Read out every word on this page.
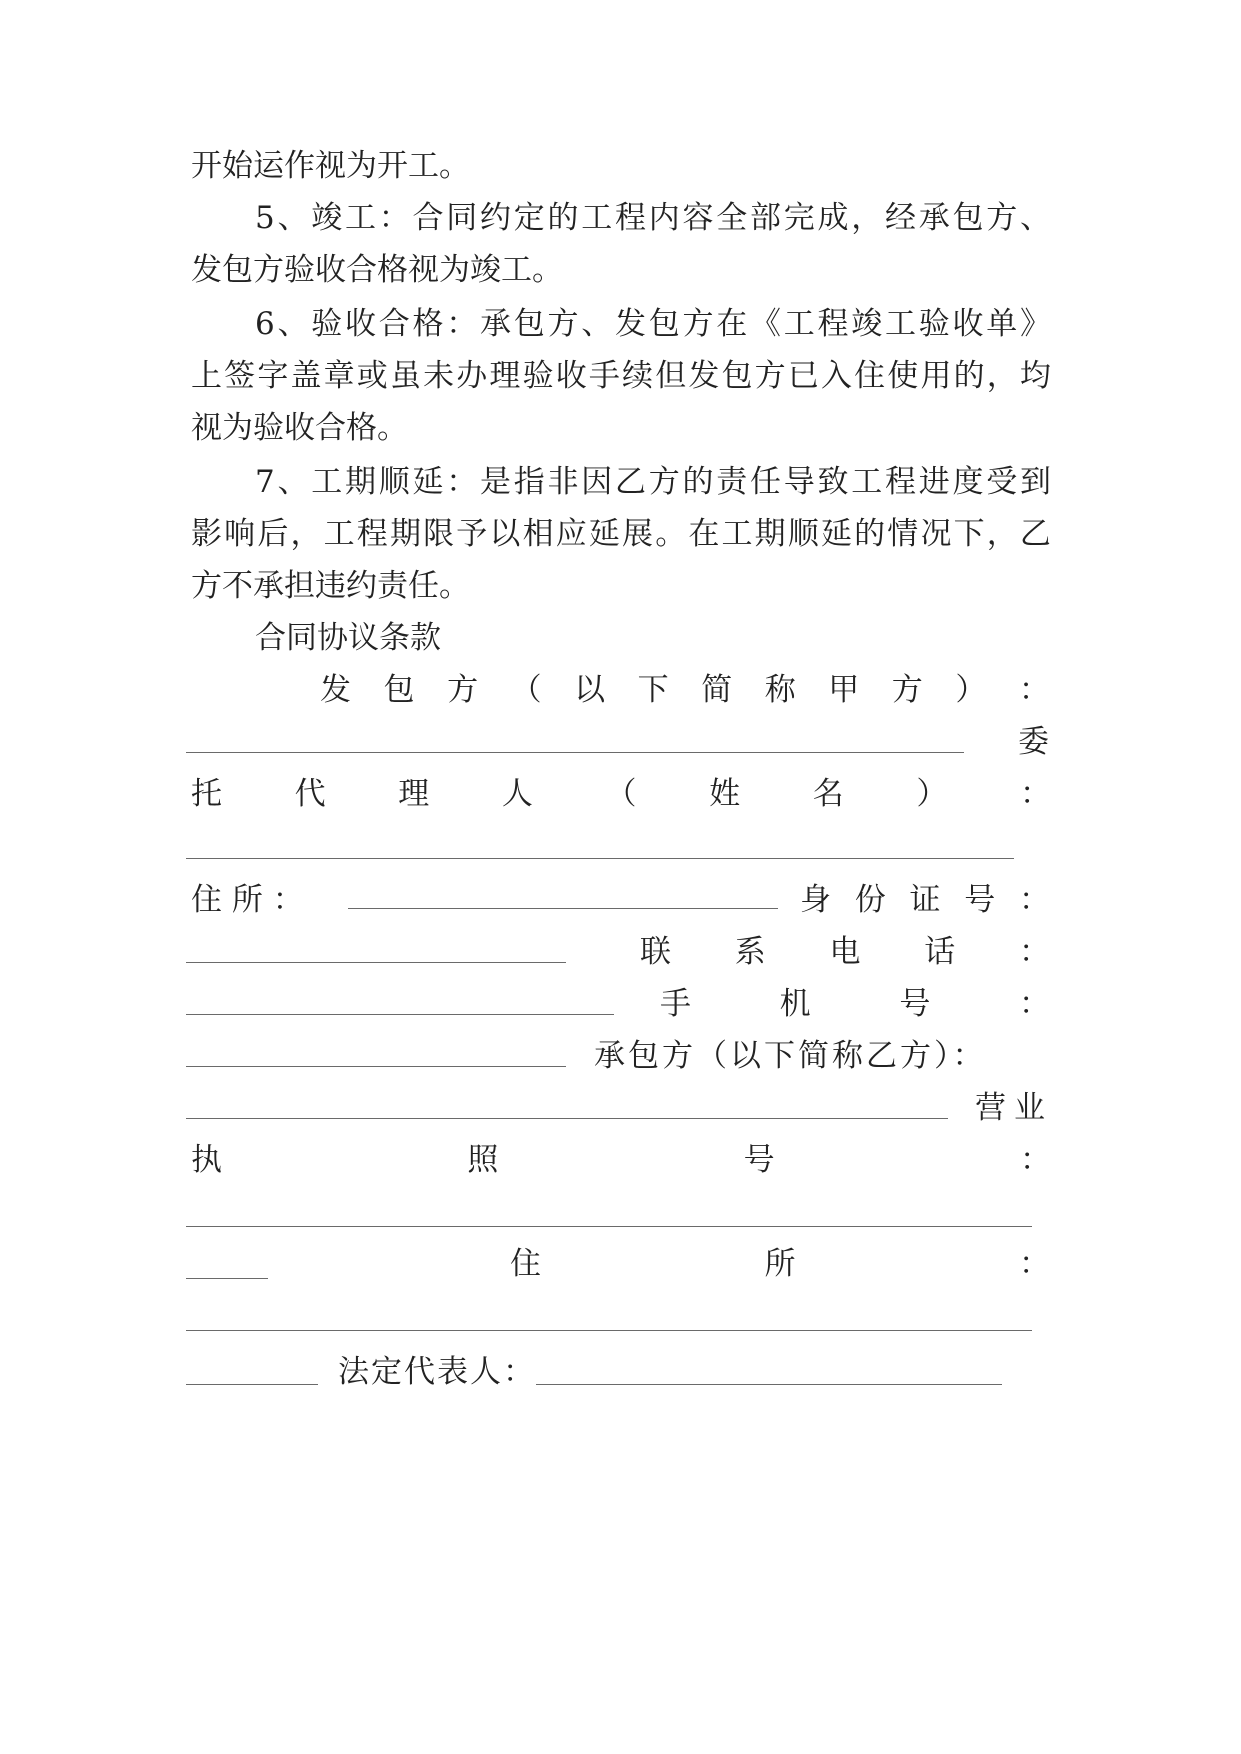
开始运作视为开工。
5 、 竣 工 ： 合 同 约 定 的 工 程 内 容 全 部 完 成 ， 经 承 包 方 、
发包方验收合格视为竣工。
6 、 验 收 合 格 ： 承 包 方 、 发 包 方 在 《 工 程 竣 工 验 收 单 》
上 签 字 盖 章 或 虽 未 办 理 验 收 手 续 但 发 包 方 已 入 住 使 用 的 ， 均
视为验收合格。
7 、 工 期 顺 延 ： 是 指 非 因 乙 方 的 责 任 导 致 工 程 进 度 受 到
影 响 后 ， 工 程 期 限 予 以 相 应 延 展 。 在 工 期 顺 延 的 情 况 下 ， 乙
方不承担违约责任。
合同协议条款
发 包 方 （ 以 下 简 称 甲 方 ） ：
委
托 代 理 人 （ 姓 名 ） ：
住 所 ：	身 份 证 号 ：
联 系 电 话 ：
手	机	号	：
承包方（以下简称乙方）：
营业
执	照	号	：
住	所	：
法定代表人：
